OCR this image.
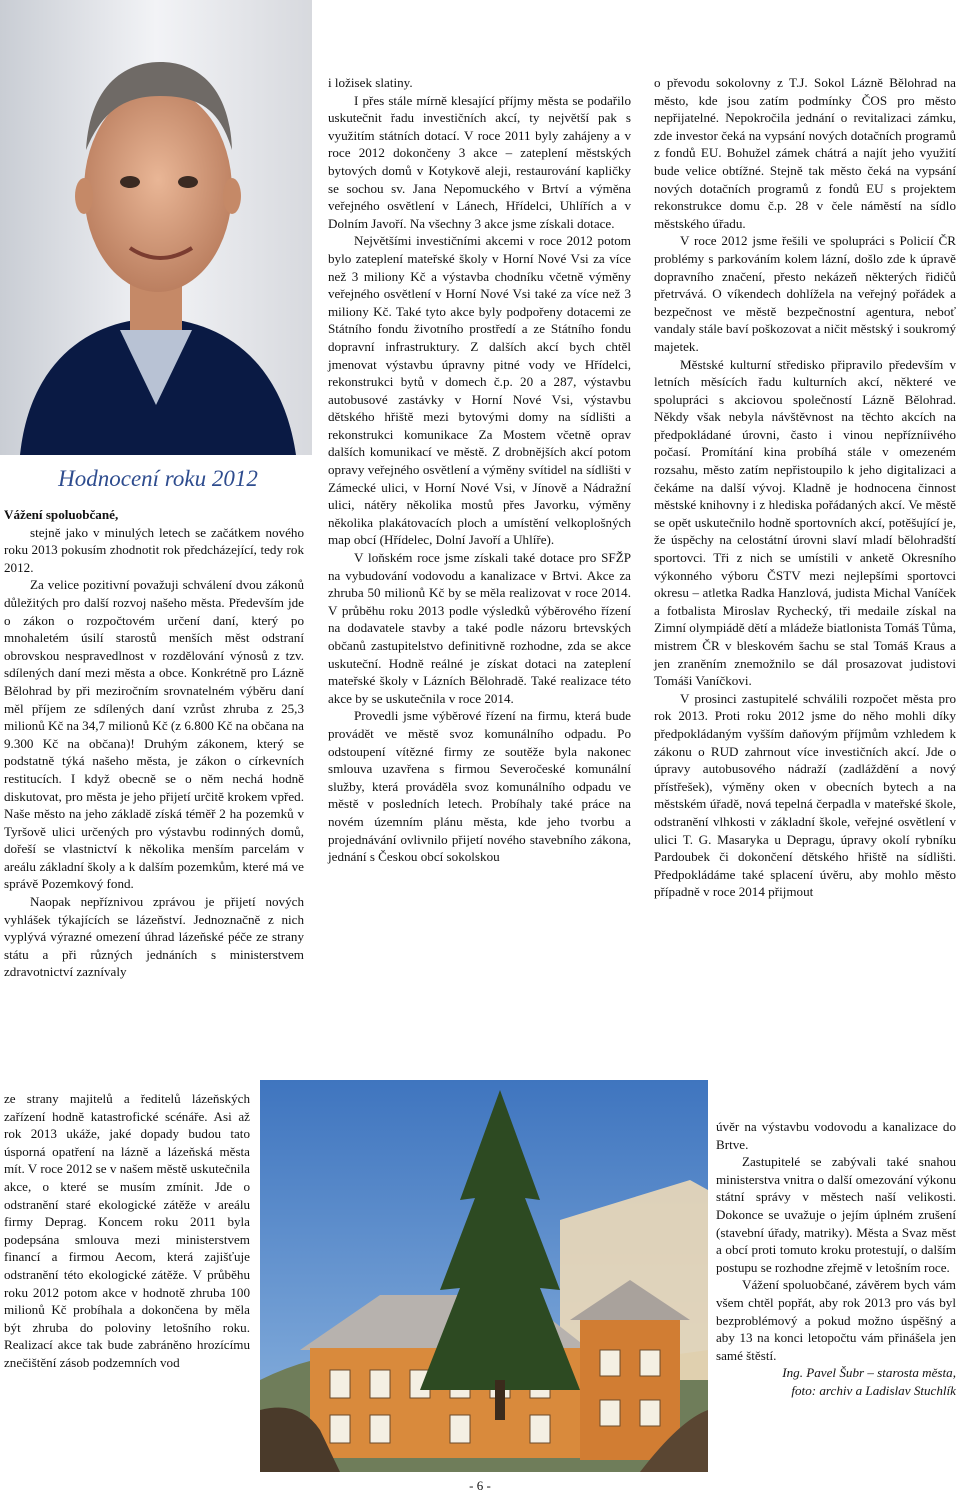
Hodnocení roku 2012

Vážení spoluobčané,

stejně jako v minulých letech se začátkem nového roku 2013 pokusím zhodnotit rok předcházející, tedy rok 2012.

Za velice pozitivní považuji schválení dvou zákonů důležitých pro další rozvoj našeho města. Především jde o zákon o rozpočtovém určení daní, který po mnohaletém úsilí starostů menších měst odstraní obrovskou nespravedlnost v rozdělování výnosů z tzv. sdílených daní mezi města a obce. Konkrétně pro Lázně Bělohrad by při meziročním srovnatelném výběru daní měl příjem ze sdílených daní vzrůst zhruba z 25,3 milionů Kč na 34,7 milionů Kč (z 6.800 Kč na občana na 9.300 Kč na občana)! Druhým zákonem, který se podstatně týká našeho města, je zákon o církevních restitucích. I když obecně se o něm nechá hodně diskutovat, pro města je jeho přijetí určitě krokem vpřed. Naše město na jeho základě získá téměř 2 ha pozemků v Tyršově ulici určených pro výstavbu rodinných domů, dořeší se vlastnictví k několika menším parcelám v areálu základní školy a k dalším pozemkům, které má ve správě Pozemkový fond.

Naopak nepříznivou zprávou je přijetí nových vyhlášek týkajících se lázeňství. Jednoznačně z nich vyplývá výrazné omezení úhrad lázeňské péče ze strany státu a při různých jednáních s ministerstvem zdravotnictví zaznívaly

ze strany majitelů a ředitelů lázeňských zařízení hodně katastrofické scénáře. Asi až rok 2013 ukáže, jaké dopady budou tato úsporná opatření na lázně a lázeňská města mít. V roce 2012 se v našem městě uskutečnila akce, o které se musím zmínit. Jde o odstranění staré ekologické zátěže v areálu firmy Deprag. Koncem roku 2011 byla podepsána smlouva mezi ministerstvem financí a firmou Aecom, která zajišťuje odstranění této ekologické zátěže. V průběhu roku 2012 potom akce v hodnotě zhruba 100 milionů Kč probíhala a dokončena by měla být zhruba do poloviny letošního roku. Realizací akce tak bude zabráněno hrozícímu znečištění zásob podzemních vod

i ložisek slatiny.

I přes stále mírně klesající příjmy města se podařilo uskutečnit řadu investičních akcí, ty největší pak s využitím státních dotací. V roce 2011 byly zahájeny a v roce 2012 dokončeny 3 akce – zateplení městských bytových domů v Kotykově aleji, restaurování kapličky se sochou sv. Jana Nepomuckého v Brtví a výměna veřejného osvětlení v Lánech, Hřídelci, Uhlířích a v Dolním Javoří. Na všechny 3 akce jsme získali dotace.

Největšími investičními akcemi v roce 2012 potom bylo zateplení mateřské školy v Horní Nové Vsi za více než 3 miliony Kč a výstavba chodníku včetně výměny veřejného osvětlení v Horní Nové Vsi také za více než 3 miliony Kč. Také tyto akce byly podpořeny dotacemi ze Státního fondu životního prostředí a ze Státního fondu dopravní infrastruktury. Z dalších akcí bych chtěl jmenovat výstavbu úpravny pitné vody ve Hřídelci, rekonstrukci bytů v domech č.p. 20 a 287, výstavbu autobusové zastávky v Horní Nové Vsi, výstavbu dětského hřiště mezi bytovými domy na sídlišti a rekonstrukci komunikace Za Mostem včetně oprav dalších komunikací ve městě. Z drobnějších akcí potom opravy veřejného osvětlení a výměny svítidel na sídlišti v Zámecké ulici, v Horní Nové Vsi, v Jínově a Nádražní ulici, nátěry několika mostů přes Javorku, výměny několika plakátovacích ploch a umístění velkoplošných map obcí (Hřídelec, Dolní Javoří a Uhlíře).

V loňském roce jsme získali také dotace pro SFŽP na vybudování vodovodu a kanalizace v Brtvi. Akce za zhruba 50 milionů Kč by se měla realizovat v roce 2014. V průběhu roku 2013 podle výsledků výběrového řízení na dodavatele stavby a také podle názoru brtevských občanů zastupitelstvo definitivně rozhodne, zda se akce uskuteční. Hodně reálné je získat dotaci na zateplení mateřské školy v Lázních Bělohradě. Také realizace této akce by se uskutečnila v roce 2014.

Provedli jsme výběrové řízení na firmu, která bude provádět ve městě svoz komunálního odpadu. Po odstoupení vítězné firmy ze soutěže byla nakonec smlouva uzavřena s firmou Severočeské komunální služby, která prováděla svoz komunálního odpadu ve městě v posledních letech. Probíhaly také práce na novém územním plánu města, kde jeho tvorbu a projednávání ovlivnilo přijetí nového stavebního zákona, jednání s Českou obcí sokolskou

o převodu sokolovny z T.J. Sokol Lázně Bělohrad na město, kde jsou zatím podmínky ČOS pro město nepřijatelné. Nepokročila jednání o revitalizaci zámku, zde investor čeká na vypsání nových dotačních programů z fondů EU. Bohužel zámek chátrá a najít jeho využití bude velice obtížné. Stejně tak město čeká na vypsání nových dotačních programů z fondů EU s projektem rekonstrukce domu č.p. 28 v čele náměstí na sídlo městského úřadu.

V roce 2012 jsme řešili ve spolupráci s Policií ČR problémy s parkováním kolem lázní, došlo zde k úpravě dopravního značení, přesto nekázeň některých řidičů přetrvává. O víkendech dohlížela na veřejný pořádek a bezpečnost ve městě bezpečnostní agentura, neboť vandaly stále baví poškozovat a ničit městský i soukromý majetek.

Městské kulturní středisko připravilo především v letních měsících řadu kulturních akcí, některé ve spolupráci s akciovou společností Lázně Bělohrad. Někdy však nebyla návštěvnost na těchto akcích na předpokládané úrovni, často i vinou nepřízníivého počasí. Promítání kina probíhá stále v omezeném rozsahu, město zatím nepřistoupilo k jeho digitalizaci a čekáme na další vývoj. Kladně je hodnocena činnost městské knihovny i z hlediska pořádaných akcí. Ve městě se opět uskutečnilo hodně sportovních akcí, potěšující je, že úspěchy na celostátní úrovni slaví mladí bělohradští sportovci. Tři z nich se umístili v anketě Okresního výkonného výboru ČSTV mezi nejlepšími sportovci okresu – atletka Radka Hanzlová, judista Michal Vaníček a fotbalista Miroslav Rychecký, tři medaile získal na Zimní olympiádě dětí a mládeže biatlonista Tomáš Tůma, mistrem ČR v bleskovém šachu se stal Tomáš Kraus a jen zraněním znemožnilo se dál prosazovat judistovi Tomáši Vaníčkovi.

V prosinci zastupitelé schválili rozpočet města pro rok 2013. Proti roku 2012 jsme do něho mohli díky předpokládaným vyšším daňovým příjmům vzhledem k zákonu o RUD zahrnout více investičních akcí. Jde o úpravy autobusového nádraží (zadláždění a nový přístřešek), výměny oken v obecních bytech a na městském úřadě, nová tepelná čerpadla v mateřské škole, odstranění vlhkosti v základní škole, veřejné osvětlení v ulici T. G. Masaryka u Depragu, úpravy okolí rybníku Pardoubek či dokončení dětského hřiště na sídlišti. Předpokládáme také splacení úvěru, aby mohlo město případně v roce 2014 přijmout

úvěr na výstavbu vodovodu a kanalizace do Brtve.

Zastupitelé se zabývali také snahou ministerstva vnitra o další omezování výkonu státní správy v městech naší velikosti. Dokonce se uvažuje o jejím úplném zrušení (stavební úřady, matriky). Města a Svaz měst a obcí proti tomuto kroku protestují, o dalším postupu se rozhodne zřejmě v letošním roce.

Vážení spoluobčané, závěrem bych vám všem chtěl popřát, aby rok 2013 pro vás byl bezproblémový a pokud možno úspěšný a aby 13 na konci letopočtu vám přinášela jen samé štěstí.

Ing. Pavel Šubr – starosta města,
foto: archiv a Ladislav Stuchlík
- 6 -
